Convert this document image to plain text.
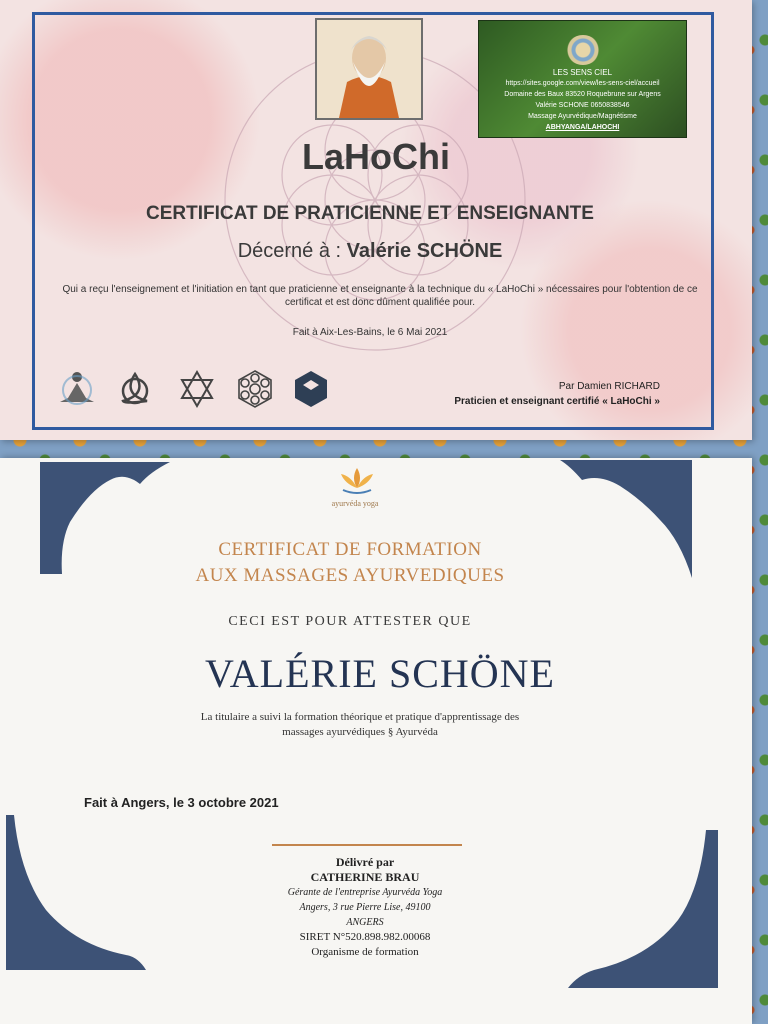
LES SENS CIEL
https://sites.google.com/view/les-sens-ciel/accueil
Domaine des Baux 83520 Roquebrune sur Argens
Valérie SCHONE 0650838546
Massage Ayurvédique/Magnétisme
ABHYANGA/LAHOCHI
LaHoChi
CERTIFICAT DE PRATICIENNE ET ENSEIGNANTE
Décerné à : Valérie SCHÖNE
Qui a reçu l'enseignement et l'initiation en tant que praticienne et enseignante à la technique du « LaHoChi » nécessaires pour l'obtention de ce certificat et est donc dûment qualifiée pour.
Fait à Aix-Les-Bains, le 6 Mai 2021
Par Damien RICHARD
Praticien et enseignant certifié « LaHoChi »
ayurvéda yoga
CERTIFICAT DE FORMATION
AUX MASSAGES AYURVEDIQUES
CECI EST POUR ATTESTER QUE
VALÉRIE SCHÖNE
La titulaire a suivi la formation théorique et pratique d'apprentissage des massages ayurvédiques § Ayurvéda
Fait à Angers, le 3 octobre 2021
Délivré par
CATHERINE BRAU
Gérante de l'entreprise Ayurvéda Yoga
Angers, 3 rue Pierre Lise, 49100
ANGERS
SIRET N°520.898.982.00068
Organisme de formation
